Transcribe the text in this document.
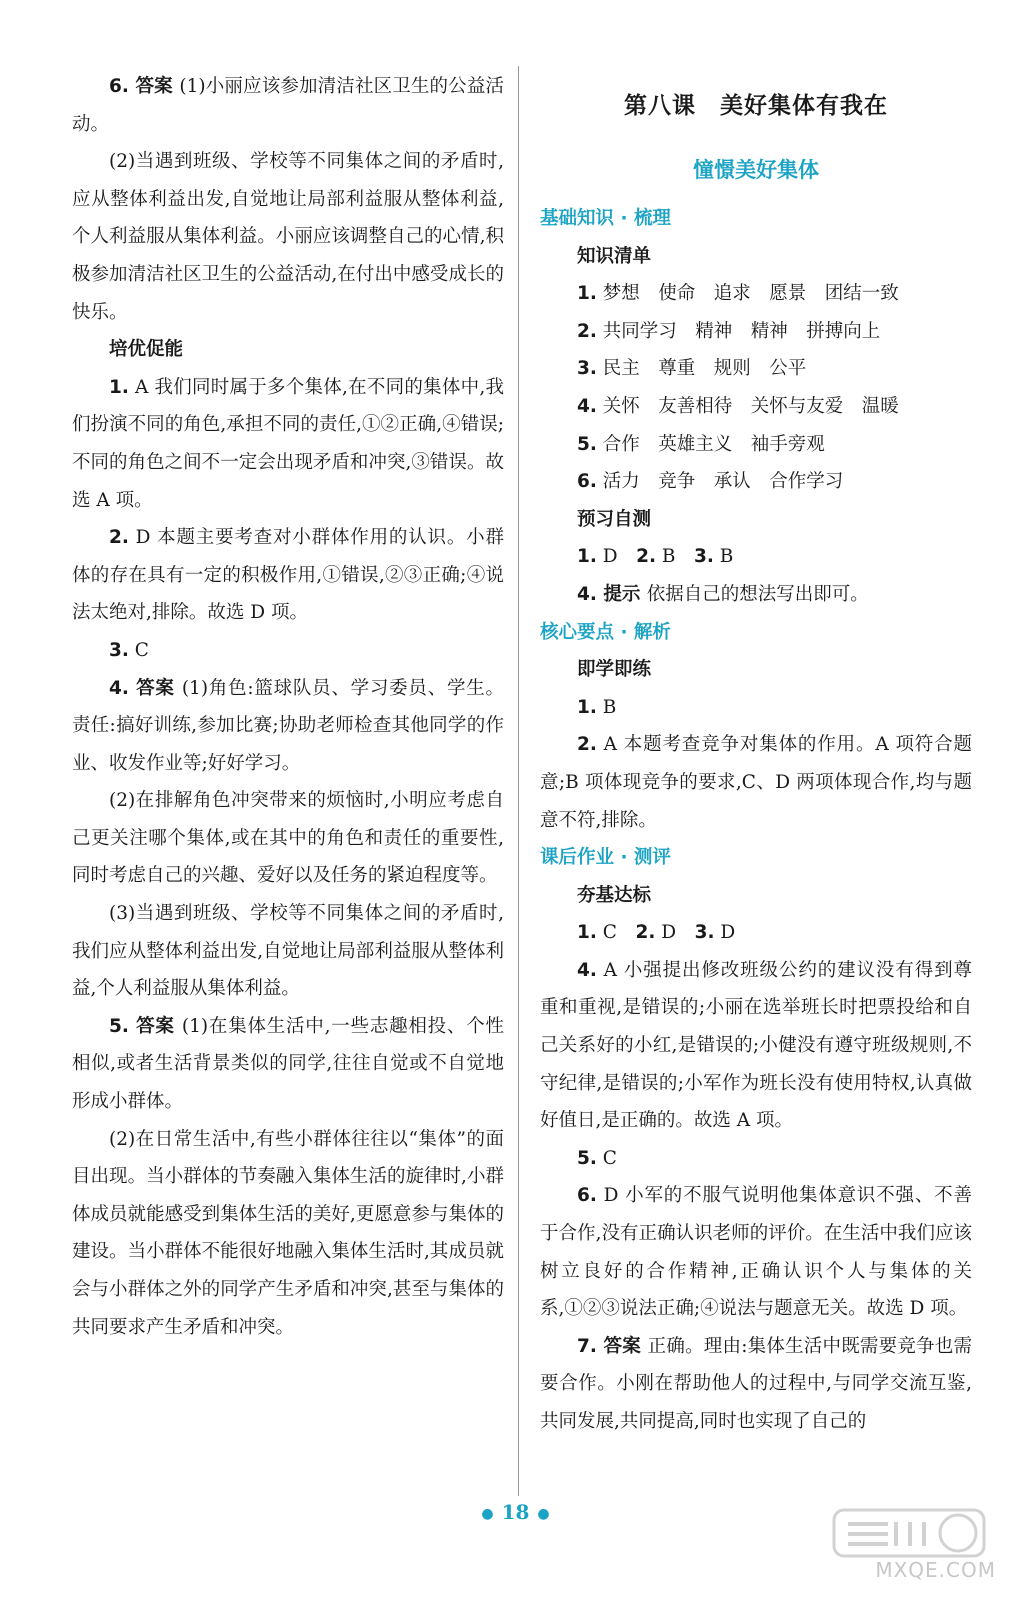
6. 答案 (1)小丽应该参加清洁社区卫生的公益活动。

(2)当遇到班级、学校等不同集体之间的矛盾时,应从整体利益出发,自觉地让局部利益服从整体利益,个人利益服从集体利益。小丽应该调整自己的心情,积极参加清洁社区卫生的公益活动,在付出中感受成长的快乐。

培优促能

1. A 我们同时属于多个集体,在不同的集体中,我们扮演不同的角色,承担不同的责任,①②正确,④错误;不同的角色之间不一定会出现矛盾和冲突,③错误。故选 A 项。

2. D 本题主要考查对小群体作用的认识。小群体的存在具有一定的积极作用,①错误,②③正确;④说法太绝对,排除。故选 D 项。

3. C

4. 答案 (1)角色:篮球队员、学习委员、学生。责任:搞好训练,参加比赛;协助老师检查其他同学的作业、收发作业等;好好学习。

(2)在排解角色冲突带来的烦恼时,小明应考虑自己更关注哪个集体,或在其中的角色和责任的重要性,同时考虑自己的兴趣、爱好以及任务的紧迫程度等。

(3)当遇到班级、学校等不同集体之间的矛盾时,我们应从整体利益出发,自觉地让局部利益服从整体利益,个人利益服从集体利益。

5. 答案 (1)在集体生活中,一些志趣相投、个性相似,或者生活背景类似的同学,往往自觉或不自觉地形成小群体。

(2)在日常生活中,有些小群体往往以“集体”的面目出现。当小群体的节奏融入集体生活的旋律时,小群体成员就能感受到集体生活的美好,更愿意参与集体的建设。当小群体不能很好地融入集体生活时,其成员就会与小群体之外的同学产生矛盾和冲突,甚至与集体的共同要求产生矛盾和冲突。

第八课　美好集体有我在
憧憬美好集体

基础知识 · 梳理

知识清单

1. 梦想　使命　追求　愿景　团结一致

2. 共同学习　精神　精神　拼搏向上

3. 民主　尊重　规则　公平

4. 关怀　友善相待　关怀与友爱　温暖

5. 合作　英雄主义　袖手旁观

6. 活力　竞争　承认　合作学习

预习自测

1. D　2. B　3. B

4. 提示 依据自己的想法写出即可。

核心要点 · 解析

即学即练

1. B

2. A 本题考查竞争对集体的作用。A 项符合题意;B 项体现竞争的要求,C、D 两项体现合作,均与题意不符,排除。

课后作业 · 测评

夯基达标

1. C　2. D　3. D

4. A 小强提出修改班级公约的建议没有得到尊重和重视,是错误的;小丽在选举班长时把票投给和自己关系好的小红,是错误的;小健没有遵守班级规则,不守纪律,是错误的;小军作为班长没有使用特权,认真做好值日,是正确的。故选 A 项。

5. C

6. D 小军的不服气说明他集体意识不强、不善于合作,没有正确认识老师的评价。在生活中我们应该树立良好的合作精神,正确认识个人与集体的关系,①②③说法正确;④说法与题意无关。故选 D 项。

7. 答案 正确。理由:集体生活中既需要竞争也需要合作。小刚在帮助他人的过程中,与同学交流互鉴,共同发展,共同提高,同时也实现了自己的

● 18 ●
MXQE.COM
